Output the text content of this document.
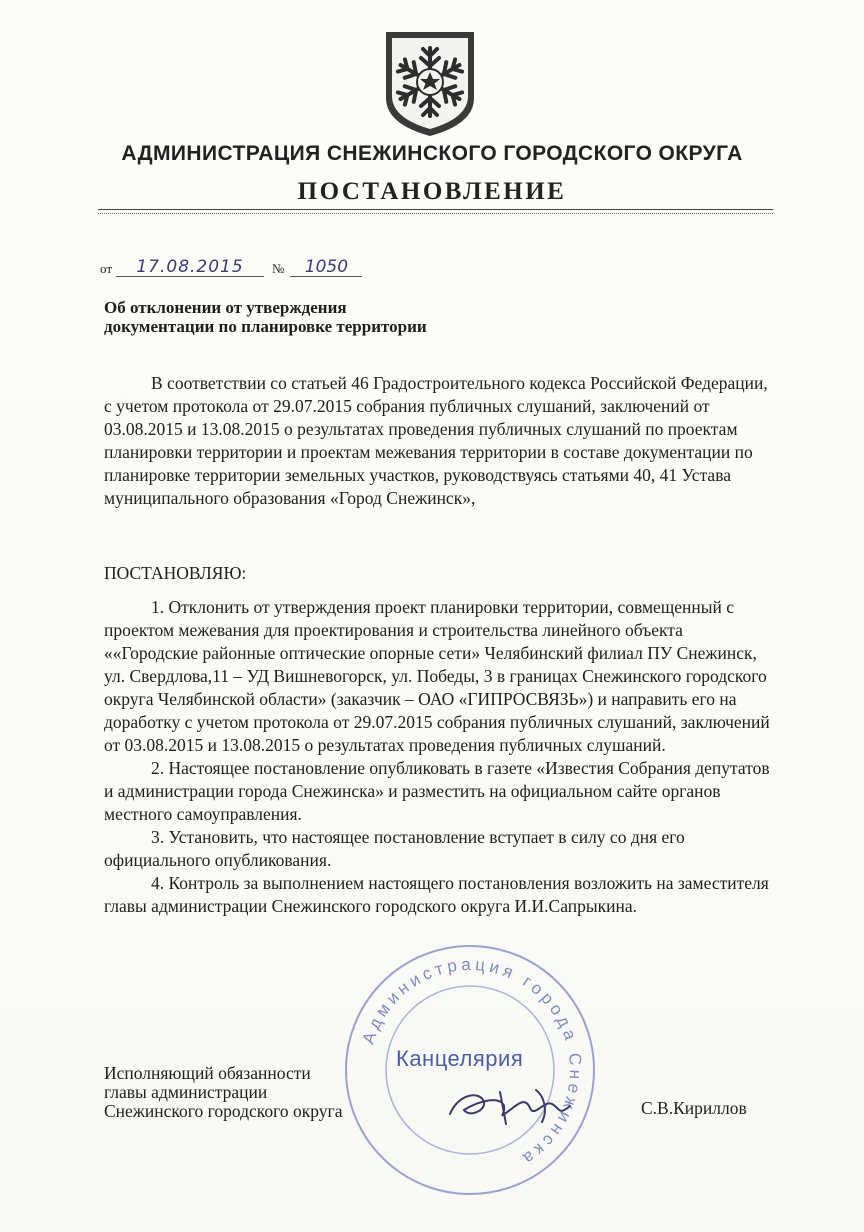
АДМИНИСТРАЦИЯ СНЕЖИНСКОГО ГОРОДСКОГО ОКРУГА
ПОСТАНОВЛЕНИЕ
от	17.08.2015	№	1050
Об отклонении от утверждения
документации по планировке территории
В соответствии со статьей 46 Градостроительного кодекса Российской Федерации, с учетом протокола от 29.07.2015 собрания публичных слушаний, заключений от 03.08.2015 и 13.08.2015 о результатах проведения публичных слушаний по проектам планировки территории и проектам межевания территории в составе документации по планировке территории земельных участков, руководствуясь статьями 40, 41 Устава муниципального образования «Город Снежинск»,
ПОСТАНОВЛЯЮ:
1. Отклонить от утверждения проект планировки территории, совмещенный с проектом межевания для проектирования и строительства линейного объекта ««Городские районные оптические опорные сети» Челябинский филиал ПУ Снежинск, ул. Свердлова,11 – УД Вишневогорск, ул. Победы, 3 в границах Снежинского городского округа Челябинской области» (заказчик – ОАО «ГИПРОСВЯЗЬ») и направить его на доработку с учетом протокола от 29.07.2015 собрания публичных слушаний, заключений от 03.08.2015 и 13.08.2015 о результатах проведения публичных слушаний.
2. Настоящее постановление опубликовать в газете «Известия Собрания депутатов и администрации города Снежинска» и разместить на официальном сайте органов местного самоуправления.
3. Установить, что настоящее постановление вступает в силу со дня его официального опубликования.
4. Контроль за выполнением настоящего постановления возложить на заместителя главы администрации Снежинского городского округа И.И.Сапрыкина.
Администрация города Снежинска
Канцелярия
Исполняющий обязанности
главы администрации
Снежинского городского округа	С.В.Кириллов
